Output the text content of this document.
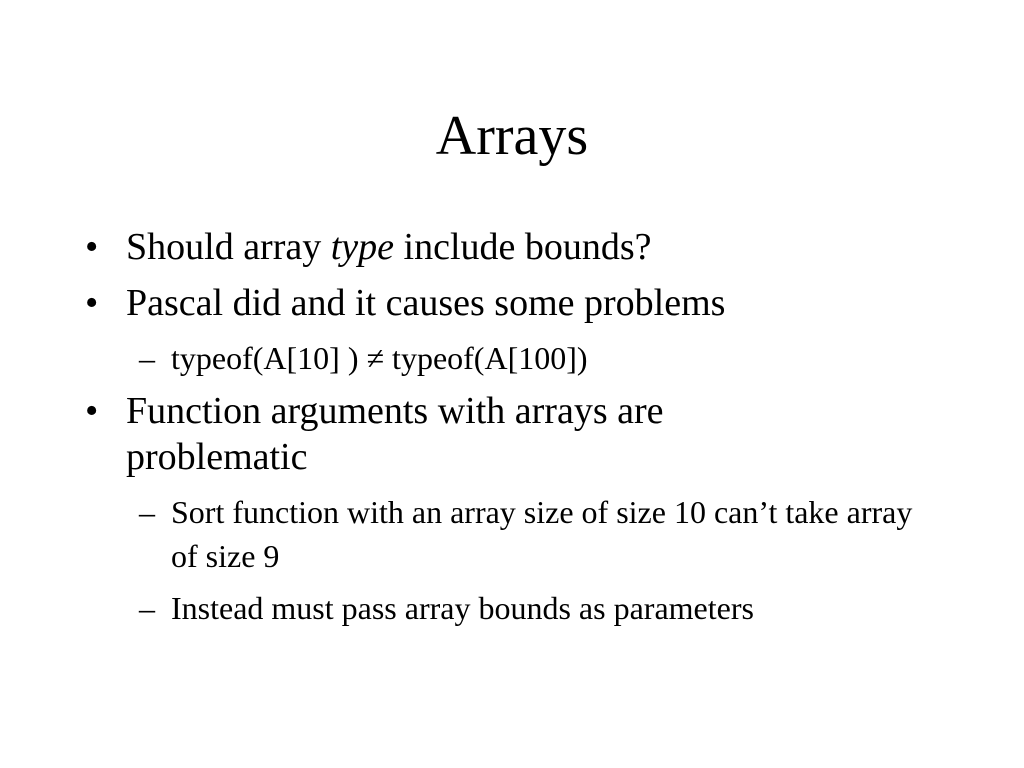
Arrays
• Should array type include bounds?
• Pascal did and it causes some problems
– typeof(A[10] ) ≠ typeof(A[100])
• Function arguments with arrays are problematic
– Sort function with an array size of size 10 can’t take array of size 9
– Instead must pass array bounds as parameters
